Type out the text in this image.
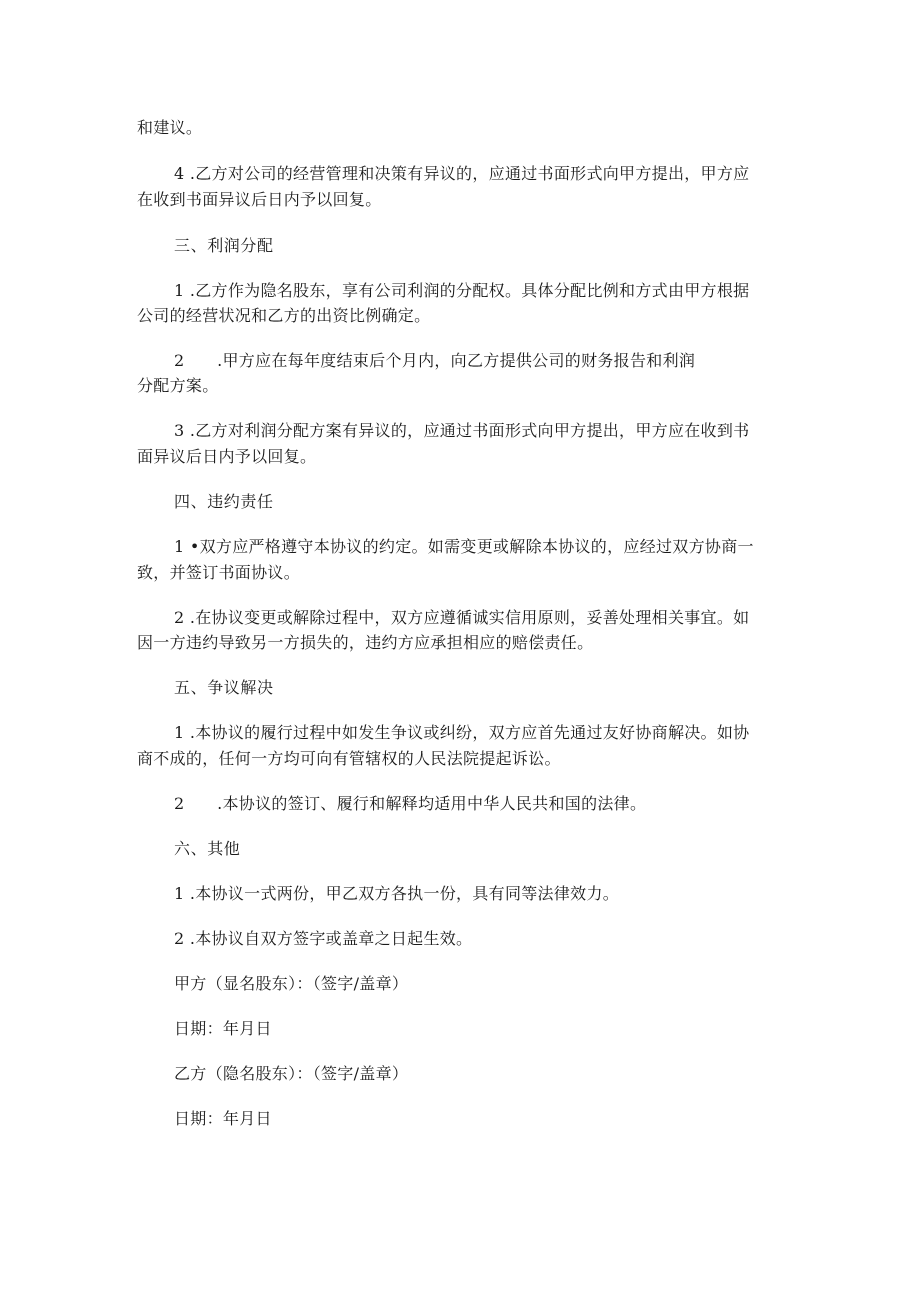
和建议。
4 .乙方对公司的经营管理和决策有异议的，应通过书面形式向甲方提出，甲方应
在收到书面异议后日内予以回复。
三、利润分配
1 .乙方作为隐名股东，享有公司利润的分配权。具体分配比例和方式由甲方根据
公司的经营状况和乙方的出资比例确定。
2　　.甲方应在每年度结束后个月内，向乙方提供公司的财务报告和利润
分配方案。
3 .乙方对利润分配方案有异议的，应通过书面形式向甲方提出，甲方应在收到书
面异议后日内予以回复。
四、违约责任
1 •双方应严格遵守本协议的约定。如需变更或解除本协议的，应经过双方协商一
致，并签订书面协议。
2 .在协议变更或解除过程中，双方应遵循诚实信用原则，妥善处理相关事宜。如
因一方违约导致另一方损失的，违约方应承担相应的赔偿责任。
五、争议解决
1 .本协议的履行过程中如发生争议或纠纷，双方应首先通过友好协商解决。如协
商不成的，任何一方均可向有管辖权的人民法院提起诉讼。
2　　.本协议的签订、履行和解释均适用中华人民共和国的法律。
六、其他
1 .本协议一式两份，甲乙双方各执一份，具有同等法律效力。
2 .本协议自双方签字或盖章之日起生效。
甲方（显名股东）：（签字/盖章）
日期：年月日
乙方（隐名股东）：（签字/盖章）
日期：年月日
